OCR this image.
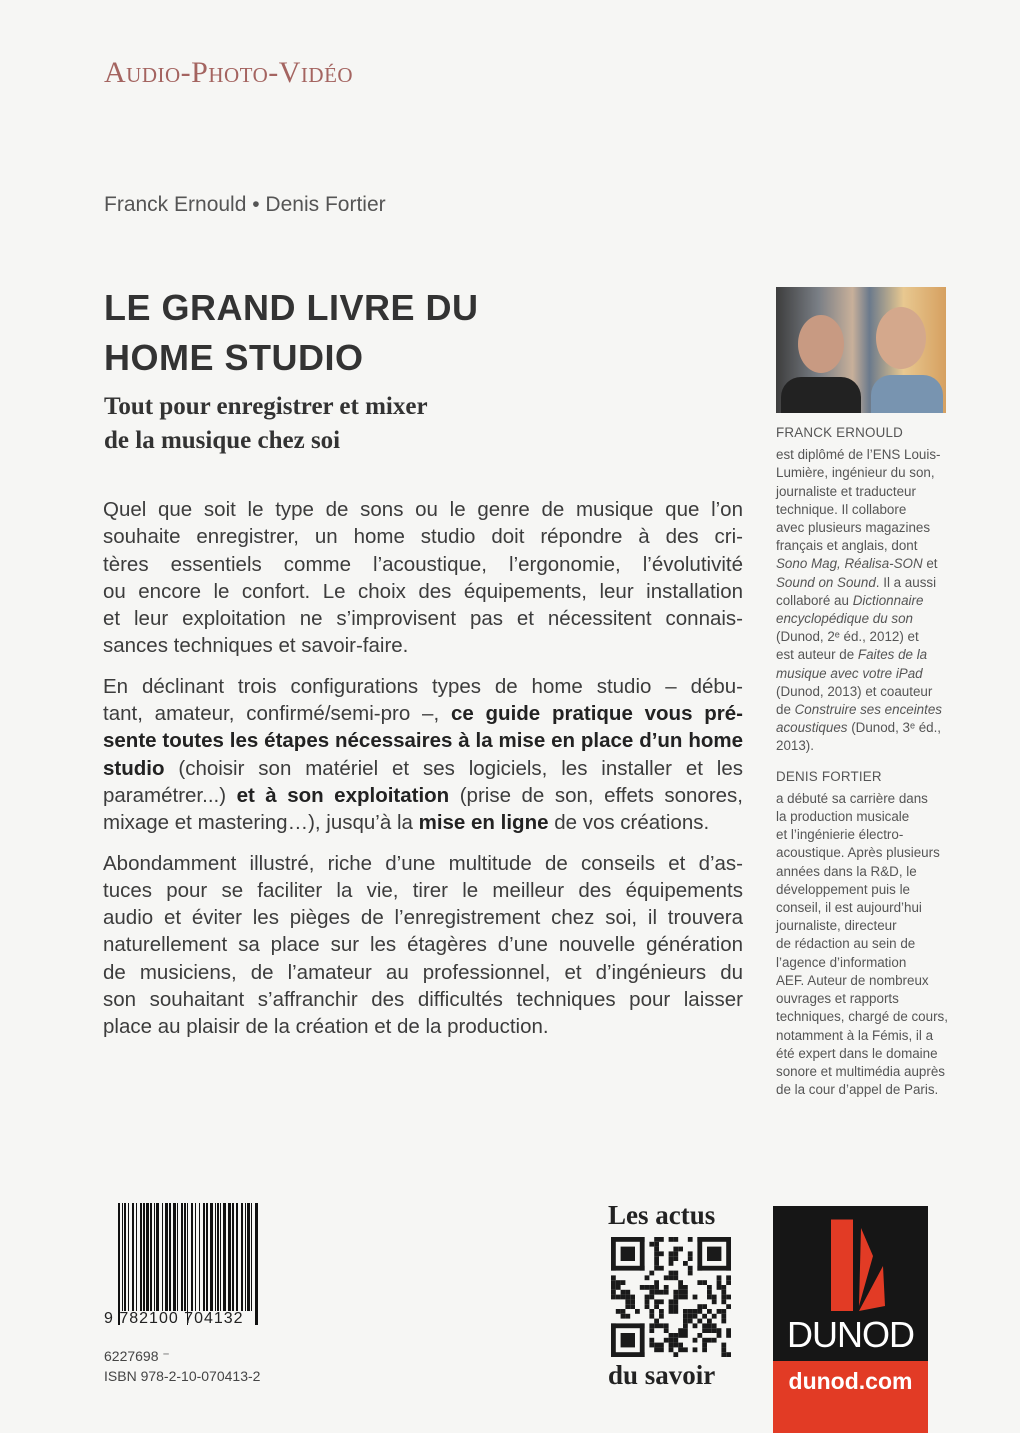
Audio-Photo-Vidéo
Franck Ernould • Denis Fortier
LE GRAND LIVRE DU
HOME STUDIO
Tout pour enregistrer et mixer
de la musique chez soi
Quel que soit le type de sons ou le genre de musique que l’on
souhaite enregistrer, un home studio doit répondre à des cri-
tères essentiels comme l’acoustique, l’ergonomie, l’évolutivité
ou encore le confort. Le choix des équipements, leur installation
et leur exploitation ne s’improvisent pas et nécessitent connais-
sances techniques et savoir-faire.
En déclinant trois configurations types de home studio – débu-
tant, amateur, confirmé/semi-pro –, ce guide pratique vous pré-
sente toutes les étapes nécessaires à la mise en place d’un home
studio (choisir son matériel et ses logiciels, les installer et les
paramétrer...) et à son exploitation (prise de son, effets sonores,
mixage et mastering…), jusqu’à la mise en ligne de vos créations.
Abondamment illustré, riche d’une multitude de conseils et d’as-
tuces pour se faciliter la vie, tirer le meilleur des équipements
audio et éviter les pièges de l’enregistrement chez soi, il trouvera
naturellement sa place sur les étagères d’une nouvelle génération
de musiciens, de l’amateur au professionnel, et d’ingénieurs du
son souhaitant s’affranchir des difficultés techniques pour laisser
place au plaisir de la création et de la production.
FRANCK ERNOULD
est diplômé de l’ENS Louis-
Lumière, ingénieur du son,
journaliste et traducteur
technique. Il collabore
avec plusieurs magazines
français et anglais, dont
Sono Mag, Réalisa-SON et
Sound on Sound. Il a aussi
collaboré au Dictionnaire
encyclopédique du son
(Dunod, 2ᵉ éd., 2012) et
est auteur de Faites de la
musique avec votre iPad
(Dunod, 2013) et coauteur
de Construire ses enceintes
acoustiques (Dunod, 3ᵉ éd.,
2013).
DENIS FORTIER
a débuté sa carrière dans
la production musicale
et l’ingénierie électro-
acoustique. Après plusieurs
années dans la R&D, le
développement puis le
conseil, il est aujourd’hui
journaliste, directeur
de rédaction au sein de
l’agence d’information
AEF. Auteur de nombreux
ouvrages et rapports
techniques, chargé de cours,
notamment à la Fémis, il a
été expert dans le domaine
sonore et multimédia auprès
de la cour d’appel de Paris.
9 782100 704132
6227698 ⁻
ISBN 978-2-10-070413-2
Les actus
du savoir
DUNOD
dunod.com
